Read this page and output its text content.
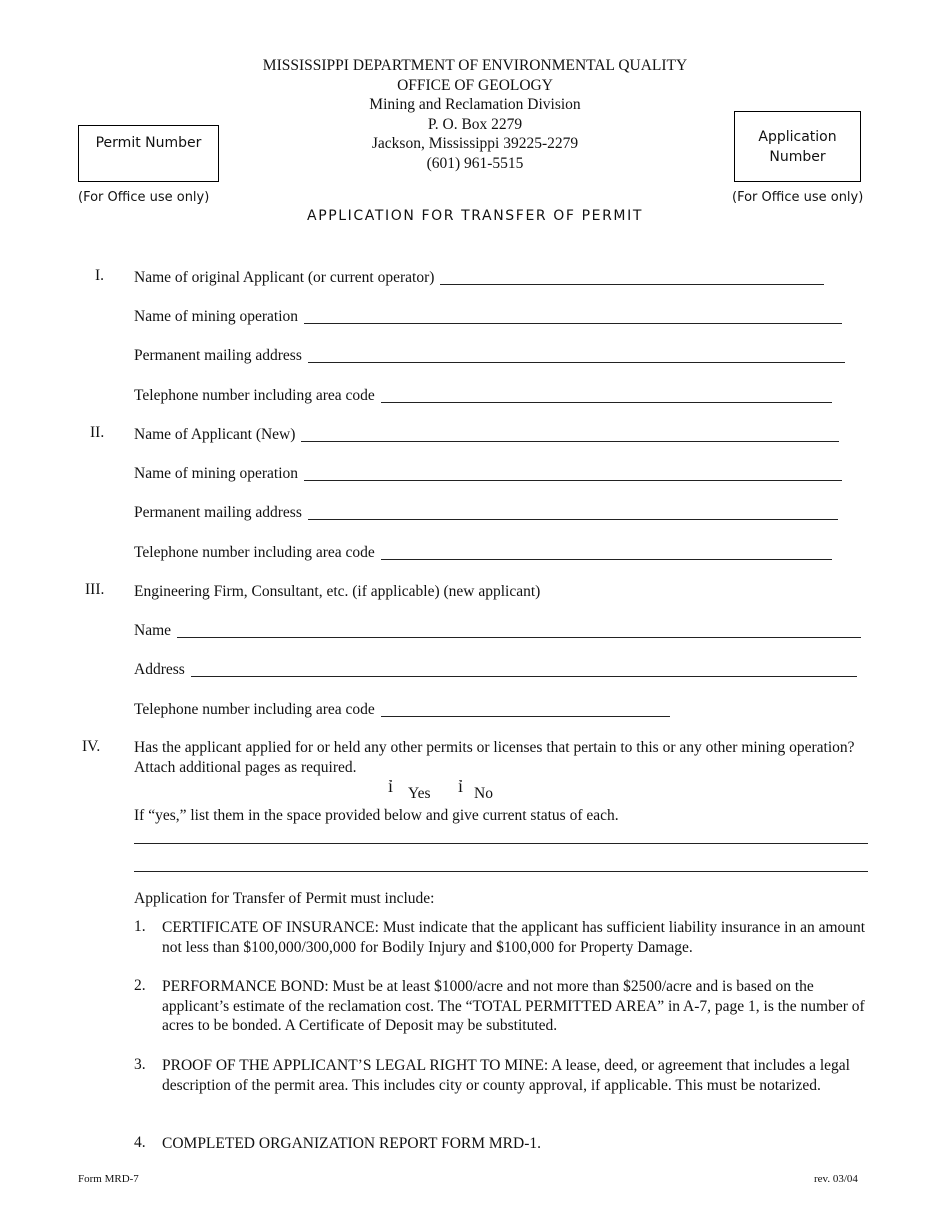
MISSISSIPPI DEPARTMENT OF ENVIRONMENTAL QUALITY
OFFICE OF GEOLOGY
Mining and Reclamation Division
P. O. Box 2279
Jackson, Mississippi 39225-2279
(601) 961-5515
Permit Number
(For Office use only)
Application Number
(For Office use only)
APPLICATION FOR TRANSFER OF PERMIT
I. Name of original Applicant (or current operator)
Name of mining operation
Permanent mailing address
Telephone number including area code
II. Name of Applicant (New)
Name of mining operation
Permanent mailing address
Telephone number including area code
III. Engineering Firm, Consultant, etc. (if applicable) (new applicant)
Name
Address
Telephone number including area code
IV. Has the applicant applied for or held any other permits or licenses that pertain to this or any other mining operation? Attach additional pages as required.
ỉ Yes ỉ No
If “yes,” list them in the space provided below and give current status of each.
Application for Transfer of Permit must include:
1. CERTIFICATE OF INSURANCE: Must indicate that the applicant has sufficient liability insurance in an amount not less than $100,000/300,000 for Bodily Injury and $100,000 for Property Damage.
2. PERFORMANCE BOND: Must be at least $1000/acre and not more than $2500/acre and is based on the applicant’s estimate of the reclamation cost. The “TOTAL PERMITTED AREA” in A-7, page 1, is the number of acres to be bonded. A Certificate of Deposit may be substituted.
3. PROOF OF THE APPLICANT’S LEGAL RIGHT TO MINE: A lease, deed, or agreement that includes a legal description of the permit area. This includes city or county approval, if applicable. This must be notarized.
4. COMPLETED ORGANIZATION REPORT FORM MRD-1.
Form MRD-7	rev. 03/04
